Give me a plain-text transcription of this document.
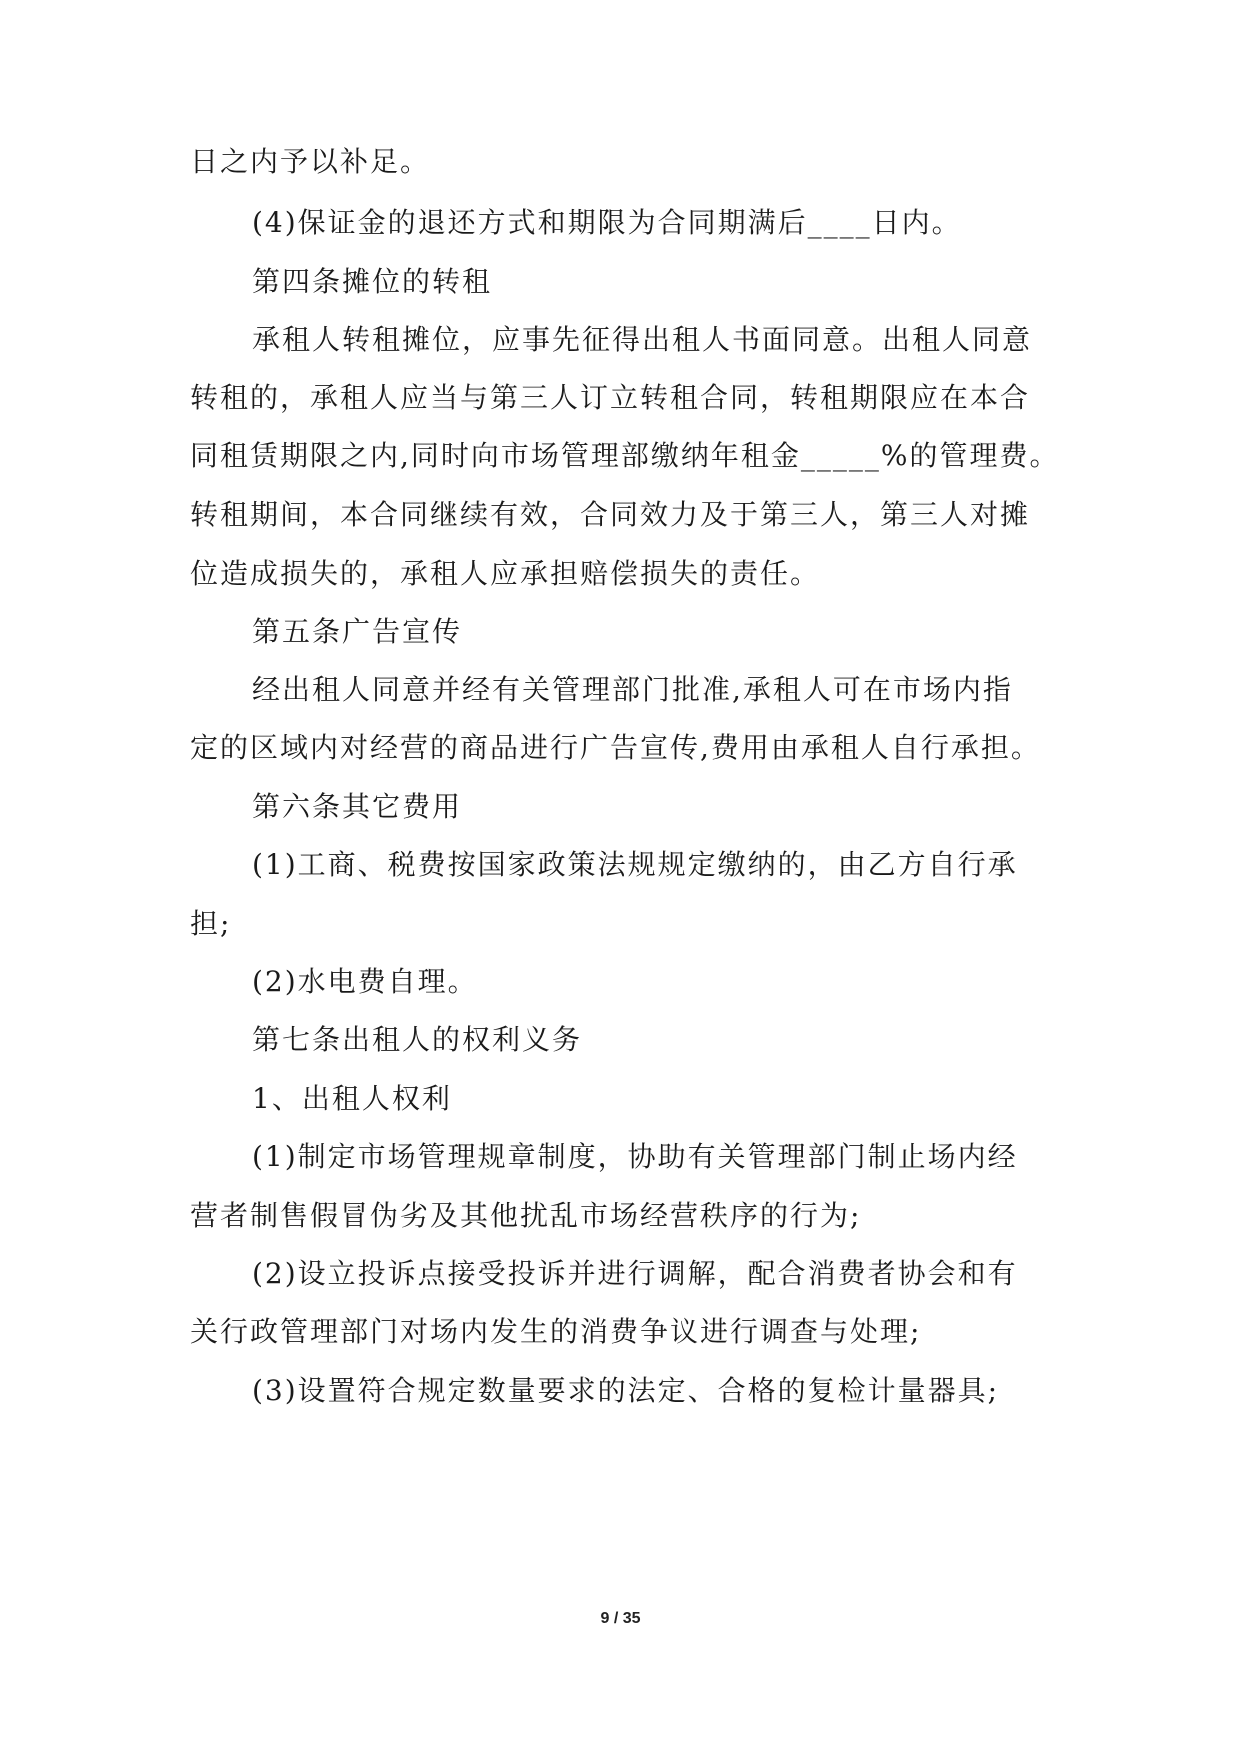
日之内予以补足。
(4)保证金的退还方式和期限为合同期满后____日内。
第四条摊位的转租
承租人转租摊位，应事先征得出租人书面同意。出租人同意
转租的，承租人应当与第三人订立转租合同，转租期限应在本合
同租赁期限之内,同时向市场管理部缴纳年租金_____%的管理费。
转租期间，本合同继续有效，合同效力及于第三人，第三人对摊
位造成损失的，承租人应承担赔偿损失的责任。
第五条广告宣传
经出租人同意并经有关管理部门批准,承租人可在市场内指
定的区域内对经营的商品进行广告宣传,费用由承租人自行承担。
第六条其它费用
(1)工商、税费按国家政策法规规定缴纳的，由乙方自行承
担;
(2)水电费自理。
第七条出租人的权利义务
1、出租人权利
(1)制定市场管理规章制度，协助有关管理部门制止场内经
营者制售假冒伪劣及其他扰乱市场经营秩序的行为;
(2)设立投诉点接受投诉并进行调解，配合消费者协会和有
关行政管理部门对场内发生的消费争议进行调查与处理;
(3)设置符合规定数量要求的法定、合格的复检计量器具;
9 / 35
